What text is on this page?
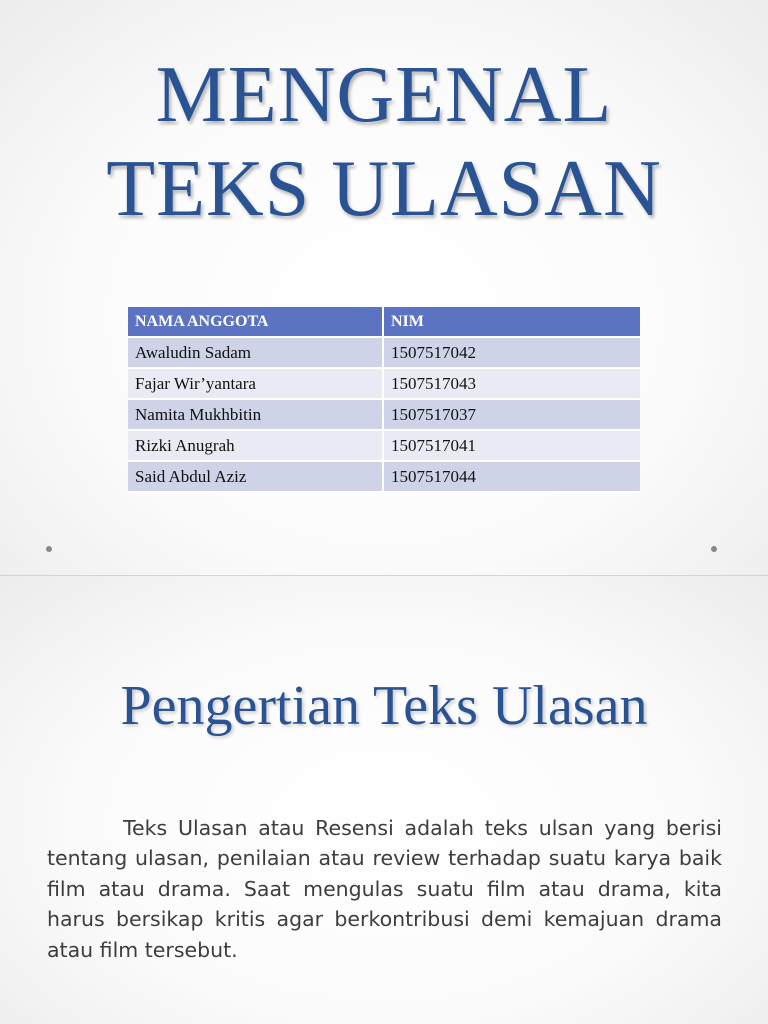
MENGENAL
TEKS ULASAN
NAMA ANGGOTA	NIM
Awaludin Sadam	1507517042
Fajar Wir’yantara	1507517043
Namita Mukhbitin	1507517037
Rizki Anugrah	1507517041
Said Abdul Aziz	1507517044
Pengertian Teks Ulasan

Teks Ulasan atau Resensi adalah teks ulsan yang berisi tentang ulasan, penilaian atau review terhadap suatu karya baik film atau drama. Saat mengulas suatu film atau drama, kita harus bersikap kritis agar berkontribusi demi kemajuan drama atau film tersebut.
